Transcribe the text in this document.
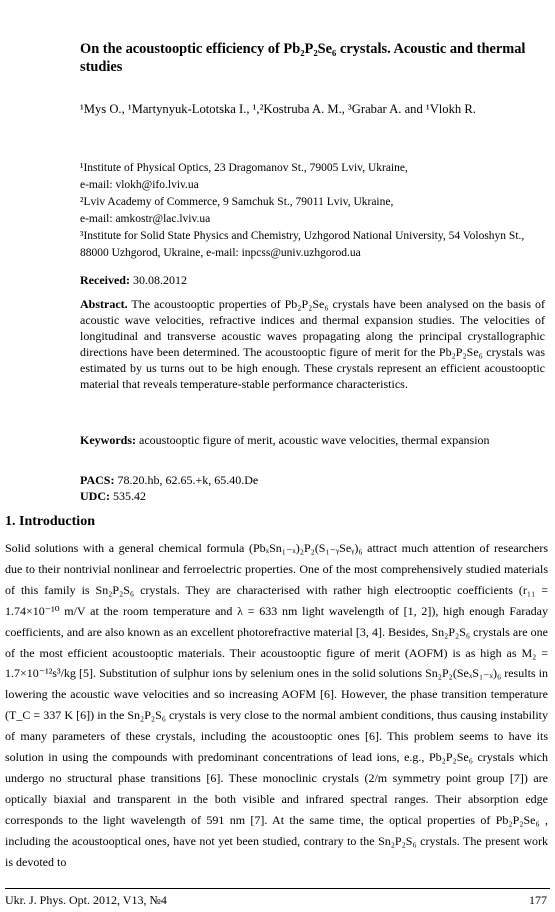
On the acoustooptic efficiency of Pb₂P₂Se₆ crystals. Acoustic and thermal studies
¹Mys O., ¹Martynyuk-Lototska I., ¹,²Kostruba A. M., ³Grabar A. and ¹Vlokh R.
¹Institute of Physical Optics, 23 Dragomanov St., 79005 Lviv, Ukraine,
e-mail: vlokh@ifo.lviv.ua
²Lviv Academy of Commerce, 9 Samchuk St., 79011 Lviv, Ukraine,
e-mail: amkostr@lac.lviv.ua
³Institute for Solid State Physics and Chemistry, Uzhgorod National University, 54 Voloshyn St., 88000 Uzhgorod, Ukraine, e-mail: inpcss@univ.uzhgorod.ua
Received: 30.08.2012
Abstract. The acoustooptic properties of Pb₂P₂Se₆ crystals have been analysed on the basis of acoustic wave velocities, refractive indices and thermal expansion studies. The velocities of longitudinal and transverse acoustic waves propagating along the principal crystallographic directions have been determined. The acoustooptic figure of merit for the Pb₂P₂Se₆ crystals was estimated by us turns out to be high enough. These crystals represent an efficient acoustooptic material that reveals temperature-stable performance characteristics.
Keywords: acoustooptic figure of merit, acoustic wave velocities, thermal expansion
PACS: 78.20.hb, 62.65.+k, 65.40.De
UDC: 535.42
1. Introduction
Solid solutions with a general chemical formula (PbₓSn₁₋ₓ)₂P₂(S₁₋ᵧSeᵧ)₆ attract much attention of researchers due to their nontrivial nonlinear and ferroelectric properties. One of the most comprehensively studied materials of this family is Sn₂P₂S₆ crystals. They are characterised with rather high electrooptic coefficients (r₁₁ = 1.74×10⁻¹⁰ m/V at the room temperature and λ = 633 nm light wavelength of [1, 2]), high enough Faraday coefficients, and are also known as an excellent photorefractive material [3, 4]. Besides, Sn₂P₂S₆ crystals are one of the most efficient acoustooptic materials. Their acoustooptic figure of merit (AOFM) is as high as M₂ = 1.7×10⁻¹²s³/kg [5]. Substitution of sulphur ions by selenium ones in the solid solutions Sn₂P₂(SeₓS₁₋ₓ)₆ results in lowering the acoustic wave velocities and so increasing AOFM [6]. However, the phase transition temperature (T_C = 337 K [6]) in the Sn₂P₂S₆ crystals is very close to the normal ambient conditions, thus causing instability of many parameters of these crystals, including the acoustooptic ones [6]. This problem seems to have its solution in using the compounds with predominant concentrations of lead ions, e.g., Pb₂P₂Se₆ crystals which undergo no structural phase transitions [6]. These monoclinic crystals (2/m symmetry point group [7]) are optically biaxial and transparent in the both visible and infrared spectral ranges. Their absorption edge corresponds to the light wavelength of 591 nm [7]. At the same time, the optical properties of Pb₂P₂Se₆ , including the acoustooptical ones, have not yet been studied, contrary to the Sn₂P₂S₆ crystals. The present work is devoted to
Ukr. J. Phys. Opt. 2012, V13, №4	177
